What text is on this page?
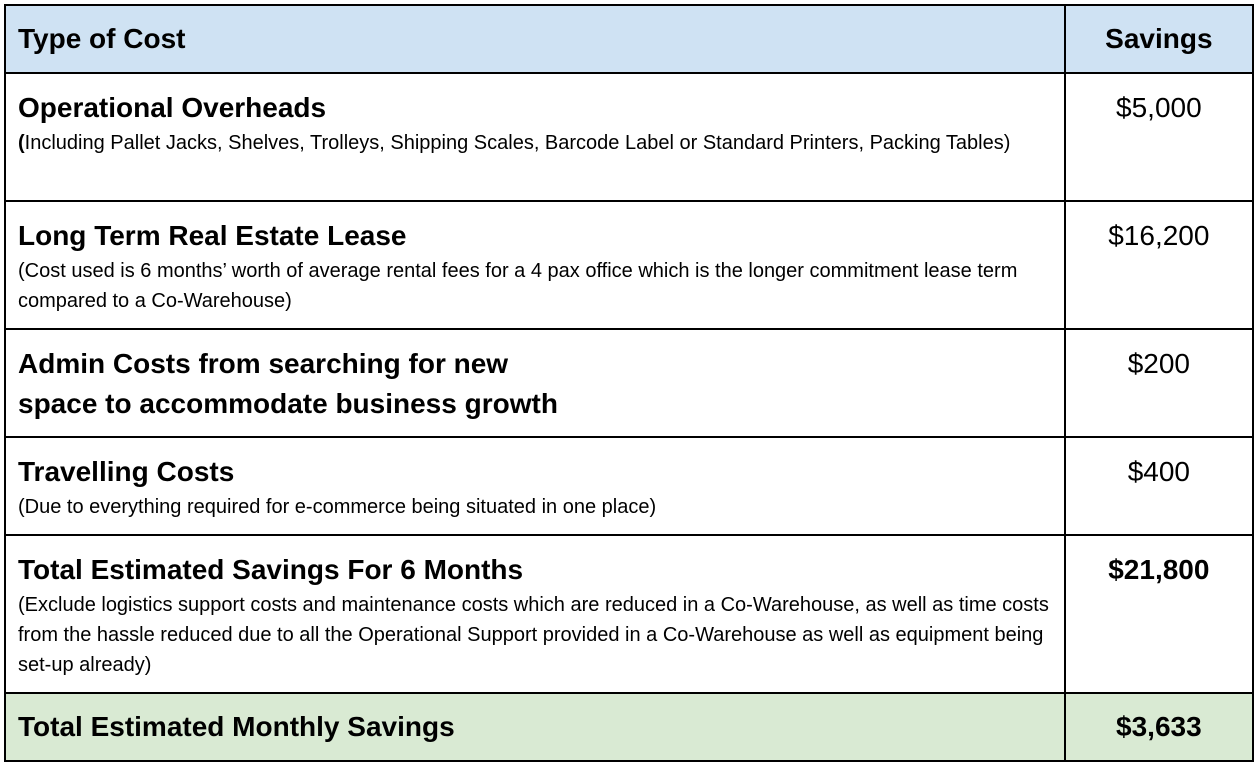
Type of Cost	Savings

Operational Overheads
(Including Pallet Jacks, Shelves, Trolleys, Shipping Scales, Barcode Label or Standard Printers, Packing Tables)	$5,000

Long Term Real Estate Lease
(Cost used is 6 months’ worth of average rental fees for a 4 pax office which is the longer commitment lease term compared to a Co-Warehouse)	$16,200

Admin Costs from searching for new
space to accommodate business growth	$200

Travelling Costs
(Due to everything required for e-commerce being situated in one place)	$400

Total Estimated Savings For 6 Months
(Exclude logistics support costs and maintenance costs which are reduced in a Co-Warehouse, as well as time costs from the hassle reduced due to all the Operational Support provided in a Co-Warehouse as well as equipment being set-up already)	$21,800

Total Estimated Monthly Savings	$3,633
